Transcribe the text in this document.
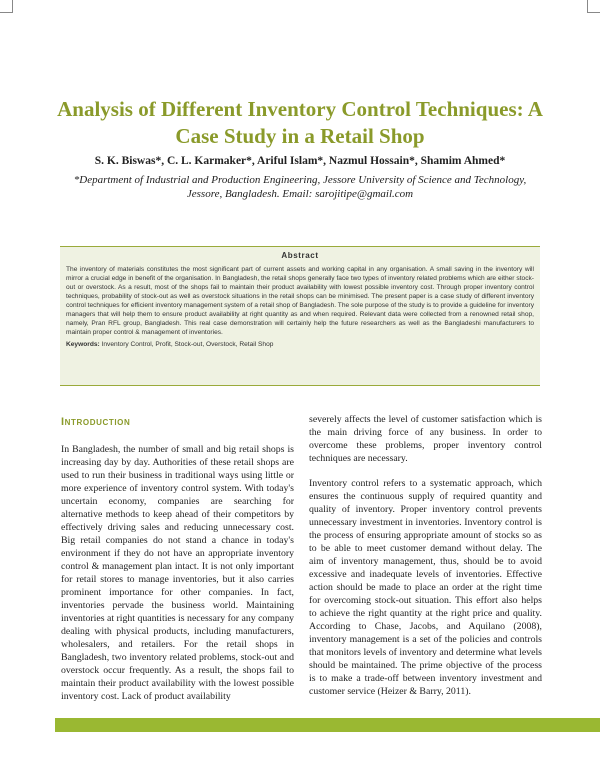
Analysis of Different Inventory Control Techniques: A Case Study in a Retail Shop
S. K. Biswas*, C. L. Karmaker*, Ariful Islam*, Nazmul Hossain*, Shamim Ahmed*
*Department of Industrial and Production Engineering, Jessore University of Science and Technology, Jessore, Bangladesh. Email: sarojitipe@gmail.com
Abstract

The inventory of materials constitutes the most significant part of current assets and working capital in any organisation. A small saving in the inventory will mirror a crucial edge in benefit of the organisation. In Bangladesh, the retail shops generally face two types of inventory related problems which are either stock-out or overstock. As a result, most of the shops fail to maintain their product availability with lowest possible inventory cost. Through proper inventory control techniques, probability of stock-out as well as overstock situations in the retail shops can be minimised. The present paper is a case study of different inventory control techniques for efficient inventory management system of a retail shop of Bangladesh. The sole purpose of the study is to provide a guideline for inventory managers that will help them to ensure product availability at right quantity as and when required. Relevant data were collected from a renowned retail shop, namely, Pran RFL group, Bangladesh. This real case demonstration will certainly help the future researchers as well as the Bangladeshi manufacturers to maintain proper control & management of inventories.

Keywords: Inventory Control, Profit, Stock-out, Overstock, Retail Shop

Introduction

In Bangladesh, the number of small and big retail shops is increasing day by day. Authorities of these retail shops are used to run their business in traditional ways using little or more experience of inventory control system. With today's uncertain economy, companies are searching for alternative methods to keep ahead of their competitors by effectively driving sales and reducing unnecessary cost. Big retail companies do not stand a chance in today's environment if they do not have an appropriate inventory control & management plan intact. It is not only important for retail stores to manage inventories, but it also carries prominent importance for other companies. In fact, inventories pervade the business world. Maintaining inventories at right quantities is necessary for any company dealing with physical products, including manufacturers, wholesalers, and retailers. For the retail shops in Bangladesh, two inventory related problems, stock-out and overstock occur frequently. As a result, the shops fail to maintain their product availability with the lowest possible inventory cost. Lack of product availability

severely affects the level of customer satisfaction which is the main driving force of any business. In order to overcome these problems, proper inventory control techniques are necessary.

Inventory control refers to a systematic approach, which ensures the continuous supply of required quantity and quality of inventory. Proper inventory control prevents unnecessary investment in inventories. Inventory control is the process of ensuring appropriate amount of stocks so as to be able to meet customer demand without delay. The aim of inventory management, thus, should be to avoid excessive and inadequate levels of inventories. Effective action should be made to place an order at the right time for overcoming stock-out situation. This effort also helps to achieve the right quantity at the right price and quality. According to Chase, Jacobs, and Aquilano (2008), inventory management is a set of the policies and controls that monitors levels of inventory and determine what levels should be maintained. The prime objective of the process is to make a trade-off between inventory investment and customer service (Heizer & Barry, 2011).
